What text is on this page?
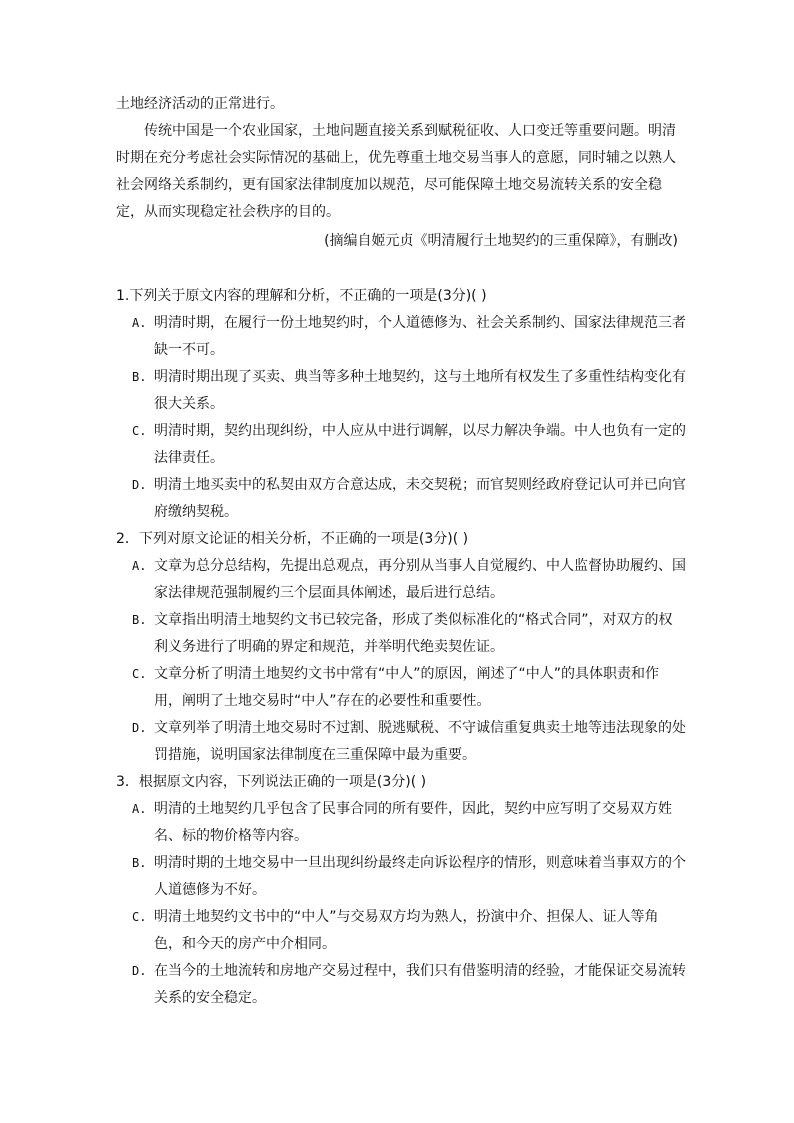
土地经济活动的正常进行。

传统中国是一个农业国家，土地问题直接关系到赋税征收、人口变迁等重要问题。明清时期在充分考虑社会实际情况的基础上，优先尊重土地交易当事人的意愿，同时辅之以熟人社会网络关系制约，更有国家法律制度加以规范，尽可能保障土地交易流转关系的安全稳定，从而实现稳定社会秩序的目的。

(摘编自姬元贞《明清履行土地契约的三重保障》，有删改)

1.下列关于原文内容的理解和分析，不正确的一项是(3分)( )

A. 明清时期，在履行一份土地契约时，个人道德修为、社会关系制约、国家法律规范三者缺一不可。

B. 明清时期出现了买卖、典当等多种土地契约，这与土地所有权发生了多重性结构变化有很大关系。

C. 明清时期，契约出现纠纷，中人应从中进行调解，以尽力解决争端。中人也负有一定的法律责任。

D. 明清土地买卖中的私契由双方合意达成，未交契税；而官契则经政府登记认可并已向官府缴纳契税。

2．下列对原文论证的相关分析，不正确的一项是(3分)( )

A. 文章为总分总结构，先提出总观点，再分别从当事人自觉履约、中人监督协助履约、国家法律规范强制履约三个层面具体阐述，最后进行总结。

B. 文章指出明清土地契约文书已较完备，形成了类似标准化的“格式合同”，对双方的权利义务进行了明确的界定和规范，并举明代绝卖契佐证。

C. 文章分析了明清土地契约文书中常有“中人”的原因，阐述了“中人”的具体职责和作用，阐明了土地交易时“中人”存在的必要性和重要性。

D. 文章列举了明清土地交易时不过割、脱逃赋税、不守诚信重复典卖土地等违法现象的处罚措施，说明国家法律制度在三重保障中最为重要。

3．根据原文内容，下列说法正确的一项是(3分)( )

A. 明清的土地契约几乎包含了民事合同的所有要件，因此，契约中应写明了交易双方姓名、标的物价格等内容。

B. 明清时期的土地交易中一旦出现纠纷最终走向诉讼程序的情形，则意味着当事双方的个人道德修为不好。

C. 明清土地契约文书中的“中人”与交易双方均为熟人，扮演中介、担保人、证人等角色，和今天的房产中介相同。

D. 在当今的土地流转和房地产交易过程中，我们只有借鉴明清的经验，才能保证交易流转关系的安全稳定。
